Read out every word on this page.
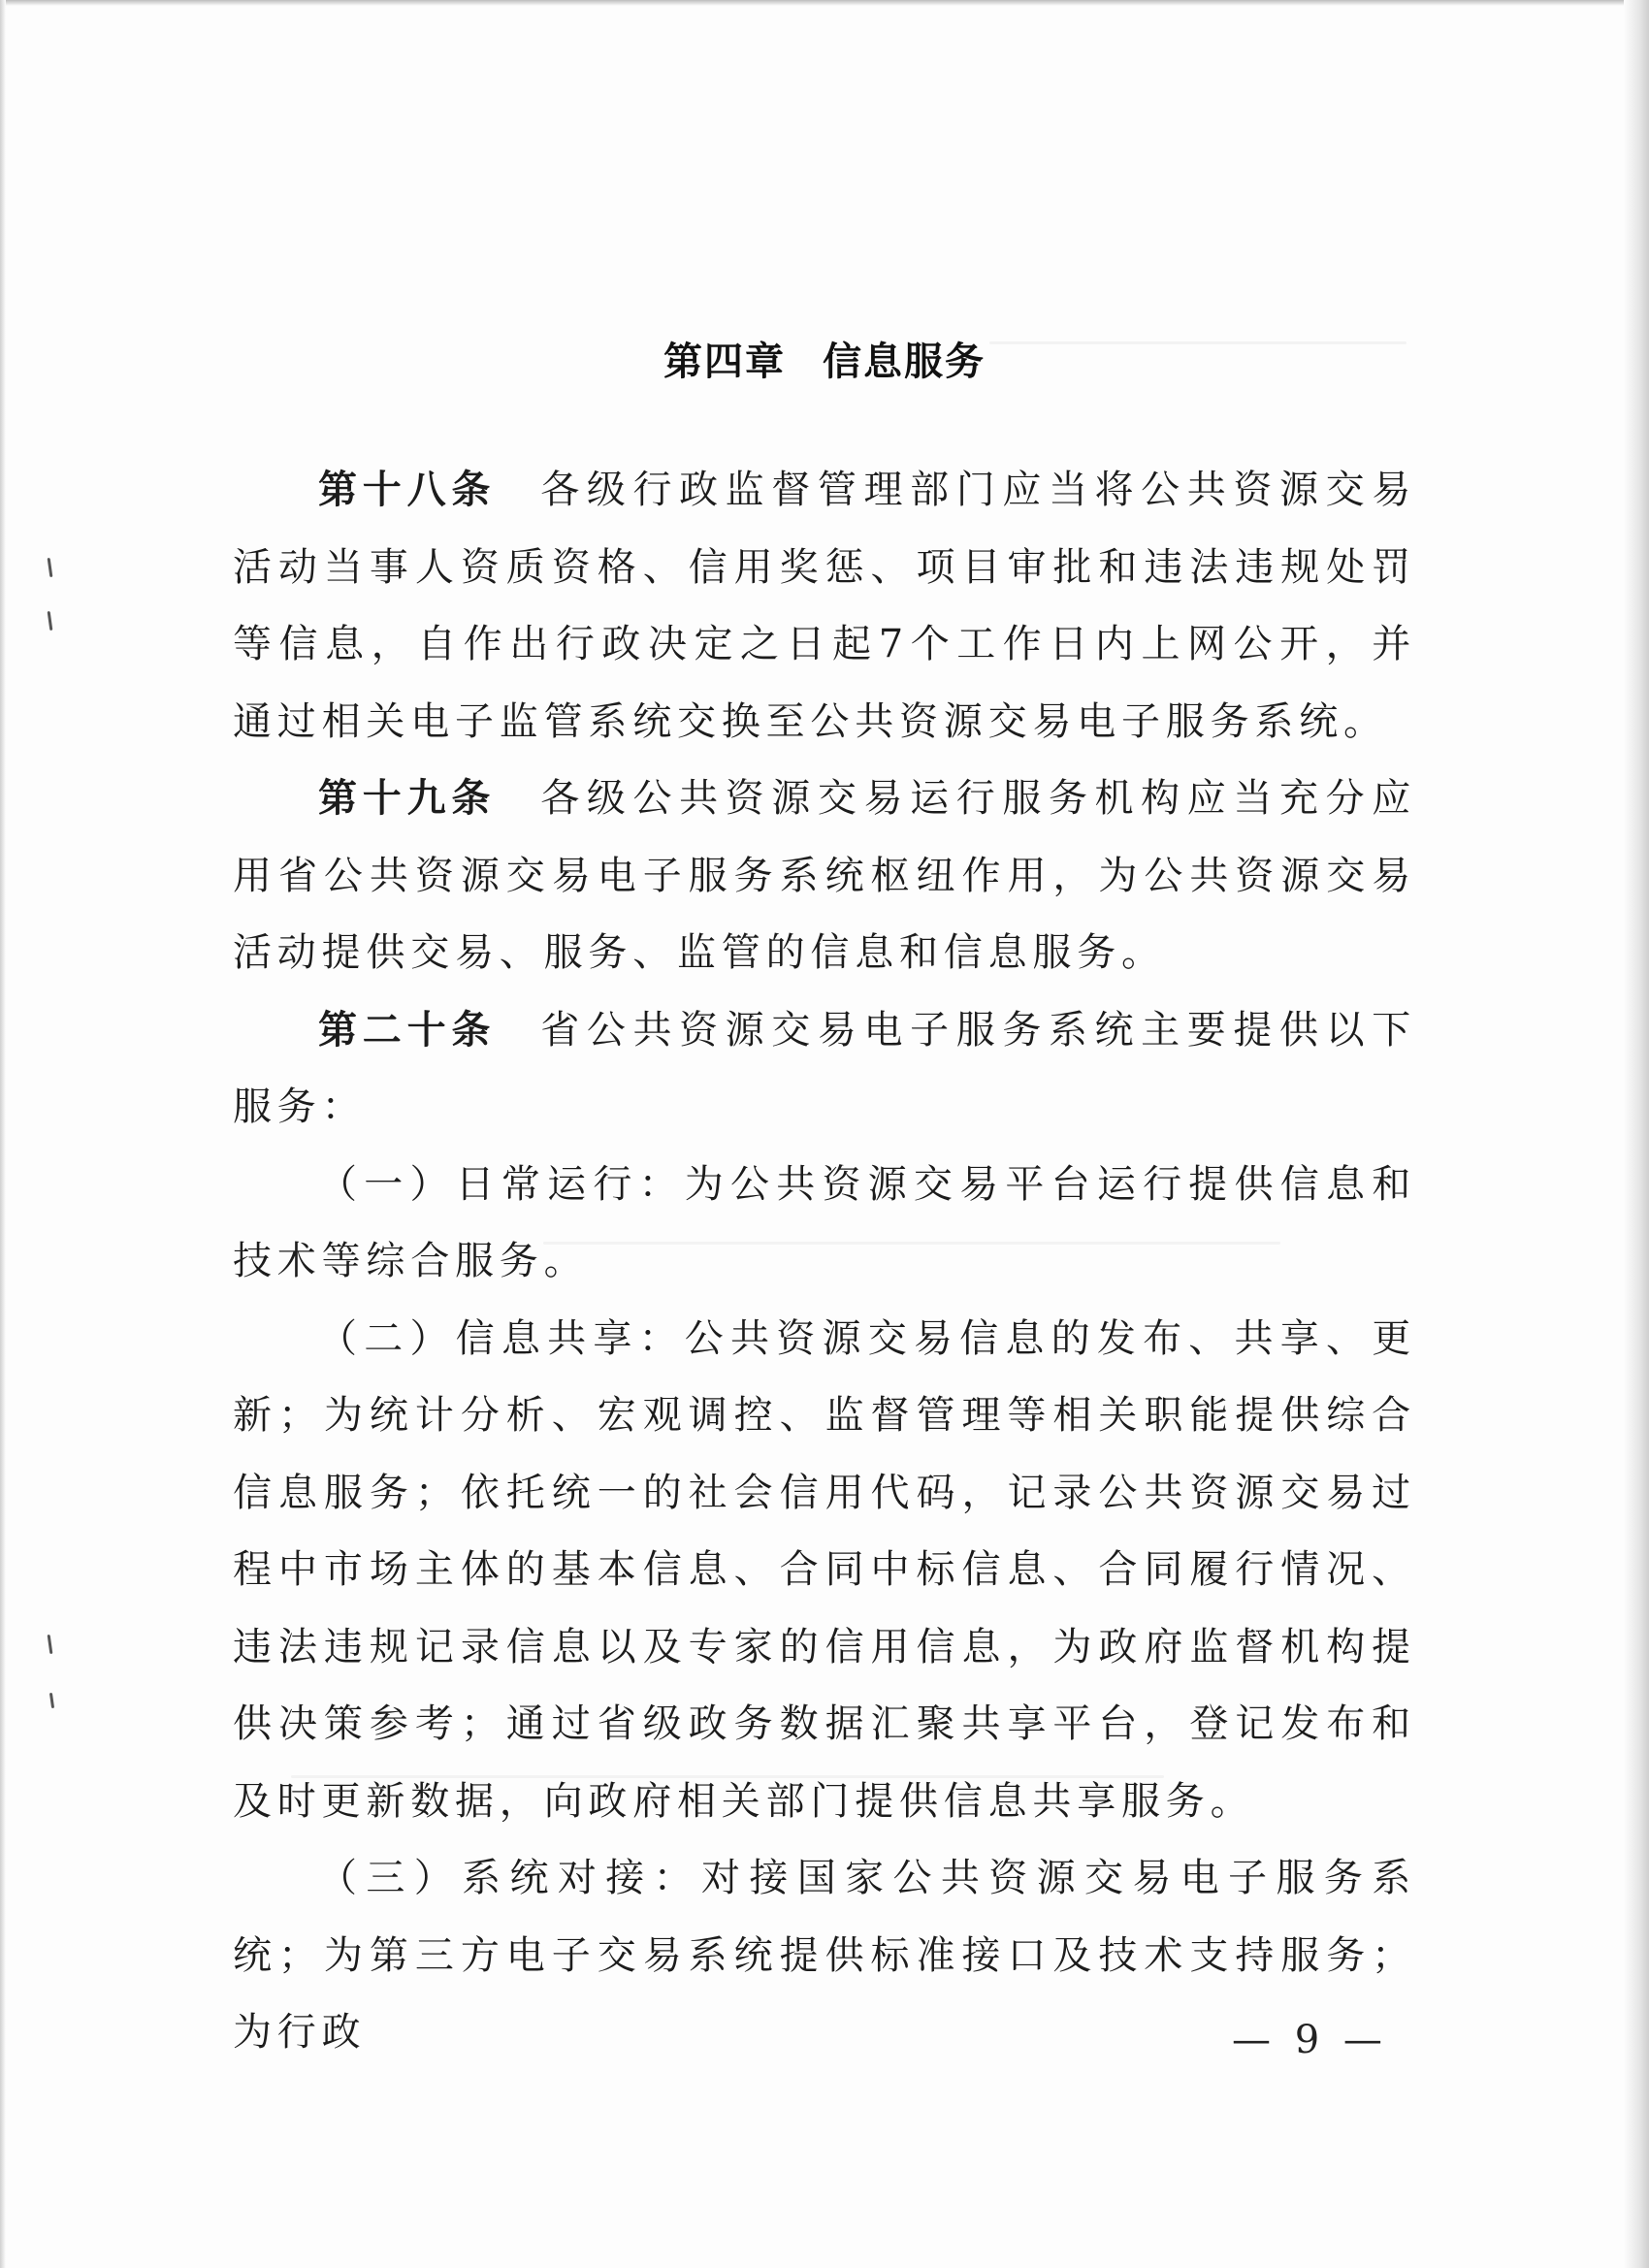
第四章 信息服务

第十八条 各级行政监督管理部门应当将公共资源交易活动当事人资质资格、信用奖惩、项目审批和违法违规处罚等信息，自作出行政决定之日起7个工作日内上网公开，并通过相关电子监管系统交换至公共资源交易电子服务系统。

第十九条 各级公共资源交易运行服务机构应当充分应用省公共资源交易电子服务系统枢纽作用，为公共资源交易活动提供交易、服务、监管的信息和信息服务。

第二十条 省公共资源交易电子服务系统主要提供以下服务：

（一）日常运行：为公共资源交易平台运行提供信息和技术等综合服务。

（二）信息共享：公共资源交易信息的发布、共享、更新；为统计分析、宏观调控、监督管理等相关职能提供综合信息服务；依托统一的社会信用代码，记录公共资源交易过程中市场主体的基本信息、合同中标信息、合同履行情况、违法违规记录信息以及专家的信用信息，为政府监督机构提供决策参考；通过省级政务数据汇聚共享平台，登记发布和及时更新数据，向政府相关部门提供信息共享服务。

（三）系统对接：对接国家公共资源交易电子服务系统；为第三方电子交易系统提供标准接口及技术支持服务；为行政	— 9 —
